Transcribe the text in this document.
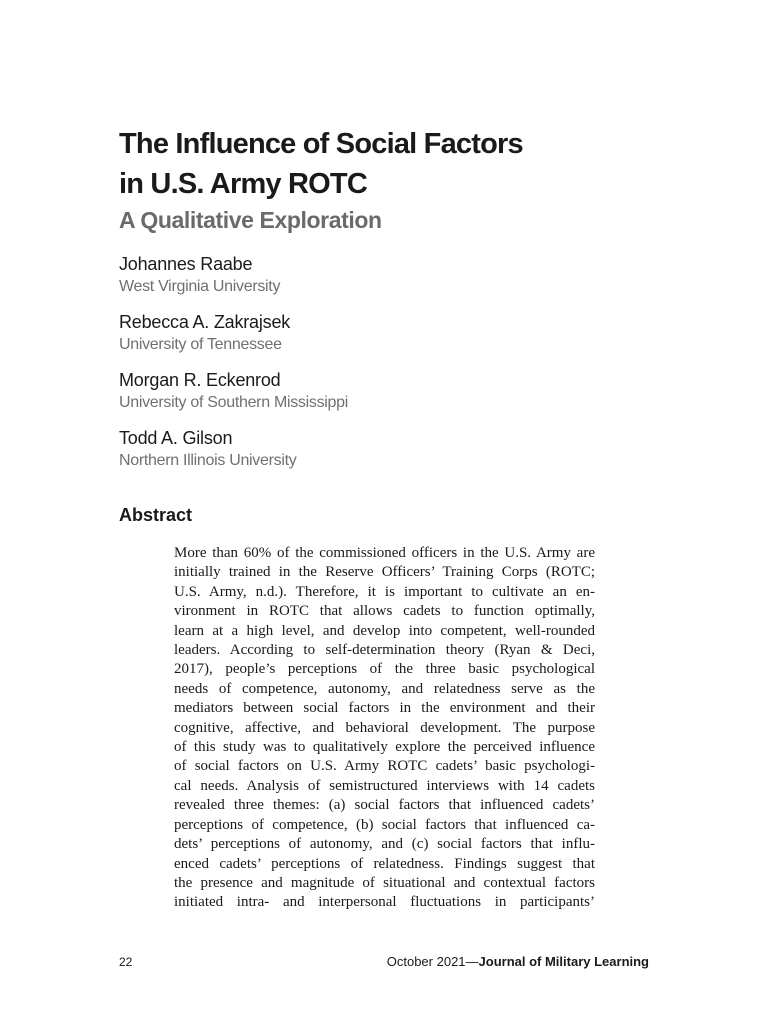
The Influence of Social Factors
in U.S. Army ROTC
A Qualitative Exploration
Johannes Raabe
West Virginia University
Rebecca A. Zakrajsek
University of Tennessee
Morgan R. Eckenrod
University of Southern Mississippi
Todd A. Gilson
Northern Illinois University
Abstract
More than 60% of the commissioned officers in the U.S. Army are
initially trained in the Reserve Officers’ Training Corps (ROTC;
U.S. Army, n.d.). Therefore, it is important to cultivate an en-
vironment in ROTC that allows cadets to function optimally,
learn at a high level, and develop into competent, well-rounded
leaders. According to self-determination theory (Ryan & Deci,
2017), people’s perceptions of the three basic psychological
needs of competence, autonomy, and relatedness serve as the
mediators between social factors in the environment and their
cognitive, affective, and behavioral development. The purpose
of this study was to qualitatively explore the perceived influence
of social factors on U.S. Army ROTC cadets’ basic psychologi-
cal needs. Analysis of semistructured interviews with 14 cadets
revealed three themes: (a) social factors that influenced cadets’
perceptions of competence, (b) social factors that influenced ca-
dets’ perceptions of autonomy, and (c) social factors that influ-
enced cadets’ perceptions of relatedness. Findings suggest that
the presence and magnitude of situational and contextual factors
initiated intra- and interpersonal fluctuations in participants’
22	October 2021—Journal of Military Learning
